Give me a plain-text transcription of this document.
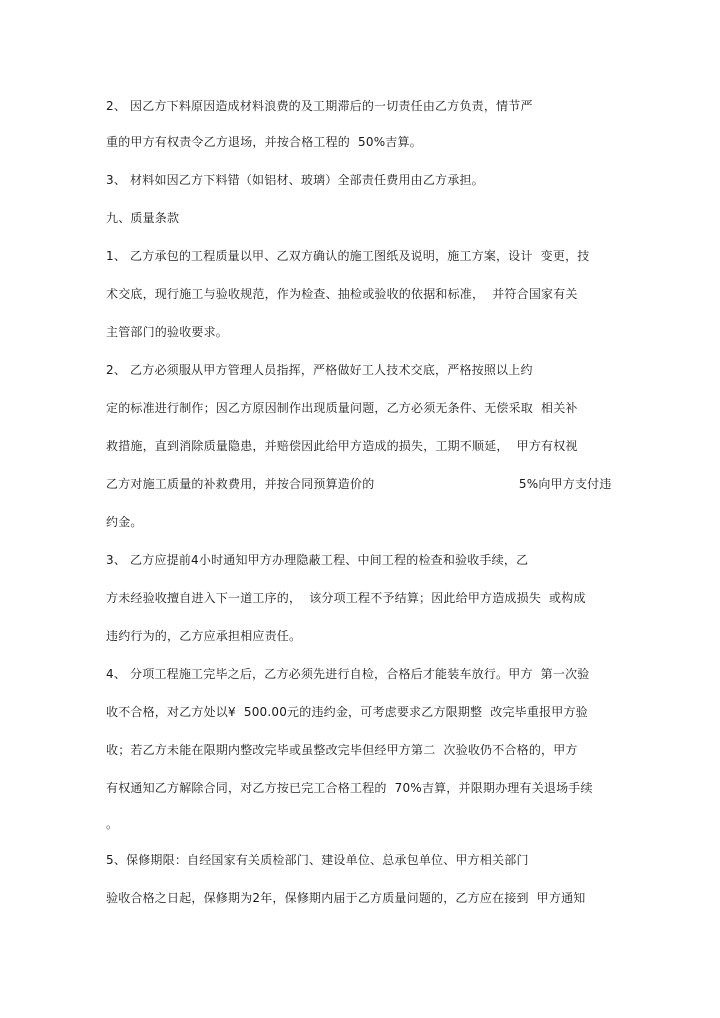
2、 因乙方下料原因造成材料浪费的及工期滞后的一切责任由乙方负责，情节严
重的甲方有权责令乙方退场，并按合格工程的  50%吉算。
3、 材料如因乙方下料错（如铝材、玻璃）全部责任费用由乙方承担。
九、质量条款
1、 乙方承包的工程质量以甲、乙双方确认的施工图纸及说明，施工方案，设计  变更，技
术交底，现行施工与验收规范，作为检查、抽检或验收的依据和标准，  并符合国家有关
主管部门的验收要求。
2、 乙方必须服从甲方管理人员指挥，严格做好工人技术交底，严格按照以上约
定的标准进行制作；因乙方原因制作出现质量问题，乙方必须无条件、无偿采取  相关补
救措施，直到消除质量隐患，并赔偿因此给甲方造成的损失，工期不顺延，  甲方有权视
乙方对施工质量的补救费用，并按合同预算造价的                                    5%向甲方支付违
约金。
3、 乙方应提前4小时通知甲方办理隐蔽工程、中间工程的检查和验收手续，乙
方未经验收擅自进入下一道工序的，  该分项工程不予结算；因此给甲方造成损失  或构成
违约行为的，乙方应承担相应责任。
4、 分项工程施工完毕之后，乙方必须先进行自检，合格后才能装车放行。甲方  第一次验
收不合格，对乙方处以¥  500.00元的违约金，可考虑要求乙方限期整  改完毕重报甲方验
收；若乙方未能在限期内整改完毕或虽整改完毕但经甲方第二  次验收仍不合格的，甲方
有权通知乙方解除合同，对乙方按已完工合格工程的  70%吉算，并限期办理有关退场手续
。
5、保修期限：自经国家有关质检部门、建设单位、总承包单位、甲方相关部门
验收合格之日起，保修期为2年，保修期内届于乙方质量问题的，乙方应在接到  甲方通知
